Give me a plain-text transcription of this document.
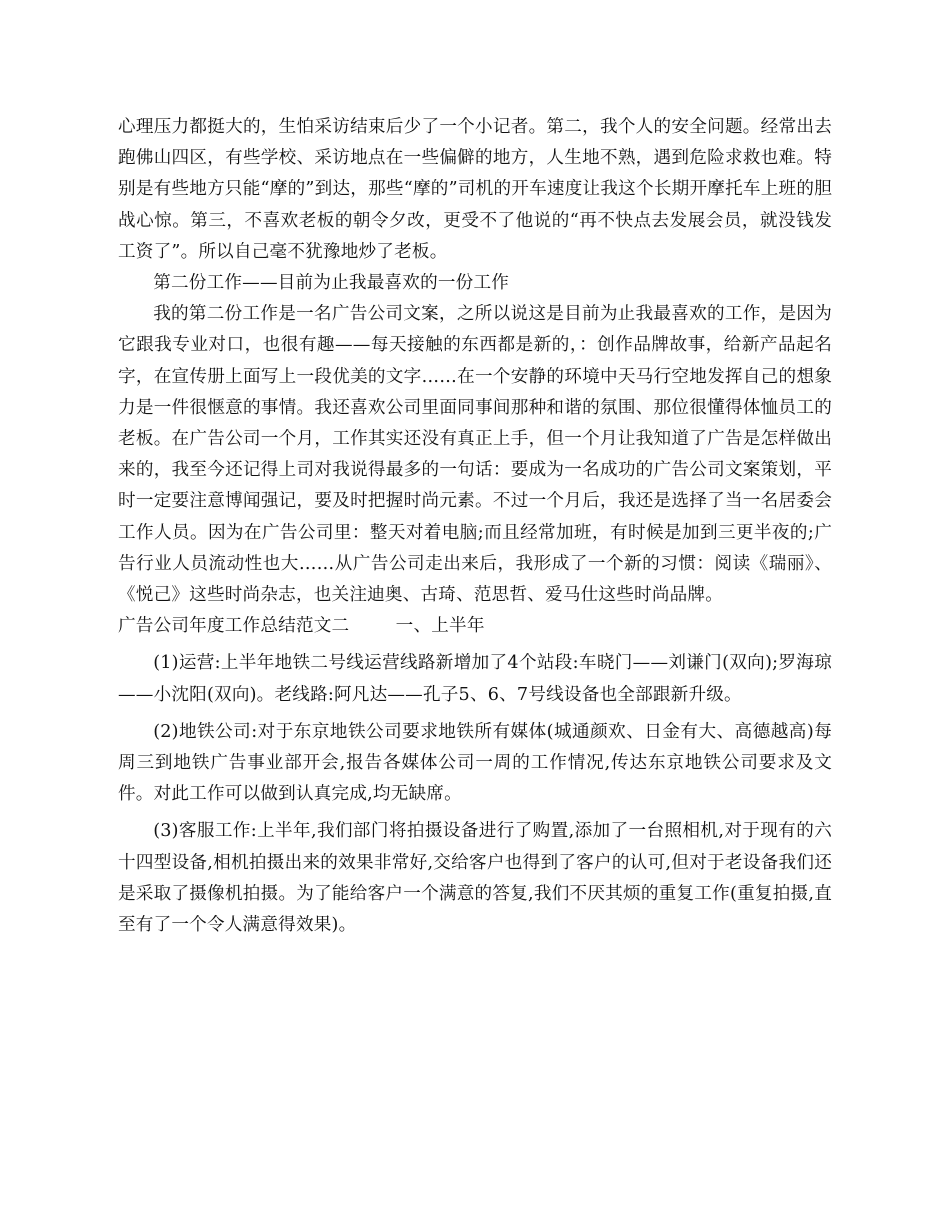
心理压力都挺大的，生怕采访结束后少了一个小记者。第二，我个人的安全问题。经常出去跑佛山四区，有些学校、采访地点在一些偏僻的地方，人生地不熟，遇到危险求救也难。特别是有些地方只能“摩的”到达，那些“摩的”司机的开车速度让我这个长期开摩托车上班的胆战心惊。第三，不喜欢老板的朝令夕改，更受不了他说的“再不快点去发展会员，就没钱发工资了”。所以自己毫不犹豫地炒了老板。

第二份工作——目前为止我最喜欢的一份工作

我的第二份工作是一名广告公司文案，之所以说这是目前为止我最喜欢的工作，是因为它跟我专业对口，也很有趣——每天接触的东西都是新的，：创作品牌故事，给新产品起名字，在宣传册上面写上一段优美的文字……在一个安静的环境中天马行空地发挥自己的想象力是一件很惬意的事情。我还喜欢公司里面同事间那种和谐的氛围、那位很懂得体恤员工的老板。在广告公司一个月，工作其实还没有真正上手，但一个月让我知道了广告是怎样做出来的，我至今还记得上司对我说得最多的一句话：要成为一名成功的广告公司文案策划，平时一定要注意博闻强记，要及时把握时尚元素。不过一个月后，我还是选择了当一名居委会工作人员。因为在广告公司里：整天对着电脑;而且经常加班，有时候是加到三更半夜的;广告行业人员流动性也大……从广告公司走出来后，我形成了一个新的习惯：阅读《瑞丽》、《悦己》这些时尚杂志，也关注迪奥、古琦、范思哲、爱马仕这些时尚品牌。

广告公司年度工作总结范文二        一、上半年

(1)运营:上半年地铁二号线运营线路新增加了4个站段:车晓门——刘谦门(双向);罗海琼——小沈阳(双向)。老线路:阿凡达——孔子5、6、7号线设备也全部跟新升级。

(2)地铁公司:对于东京地铁公司要求地铁所有媒体(城通颜欢、日金有大、高德越高)每周三到地铁广告事业部开会,报告各媒体公司一周的工作情况,传达东京地铁公司要求及文件。对此工作可以做到认真完成,均无缺席。

(3)客服工作:上半年,我们部门将拍摄设备进行了购置,添加了一台照相机,对于现有的六十四型设备,相机拍摄出来的效果非常好,交给客户也得到了客户的认可,但对于老设备我们还是采取了摄像机拍摄。为了能给客户一个满意的答复,我们不厌其烦的重复工作(重复拍摄,直至有了一个令人满意得效果)。
